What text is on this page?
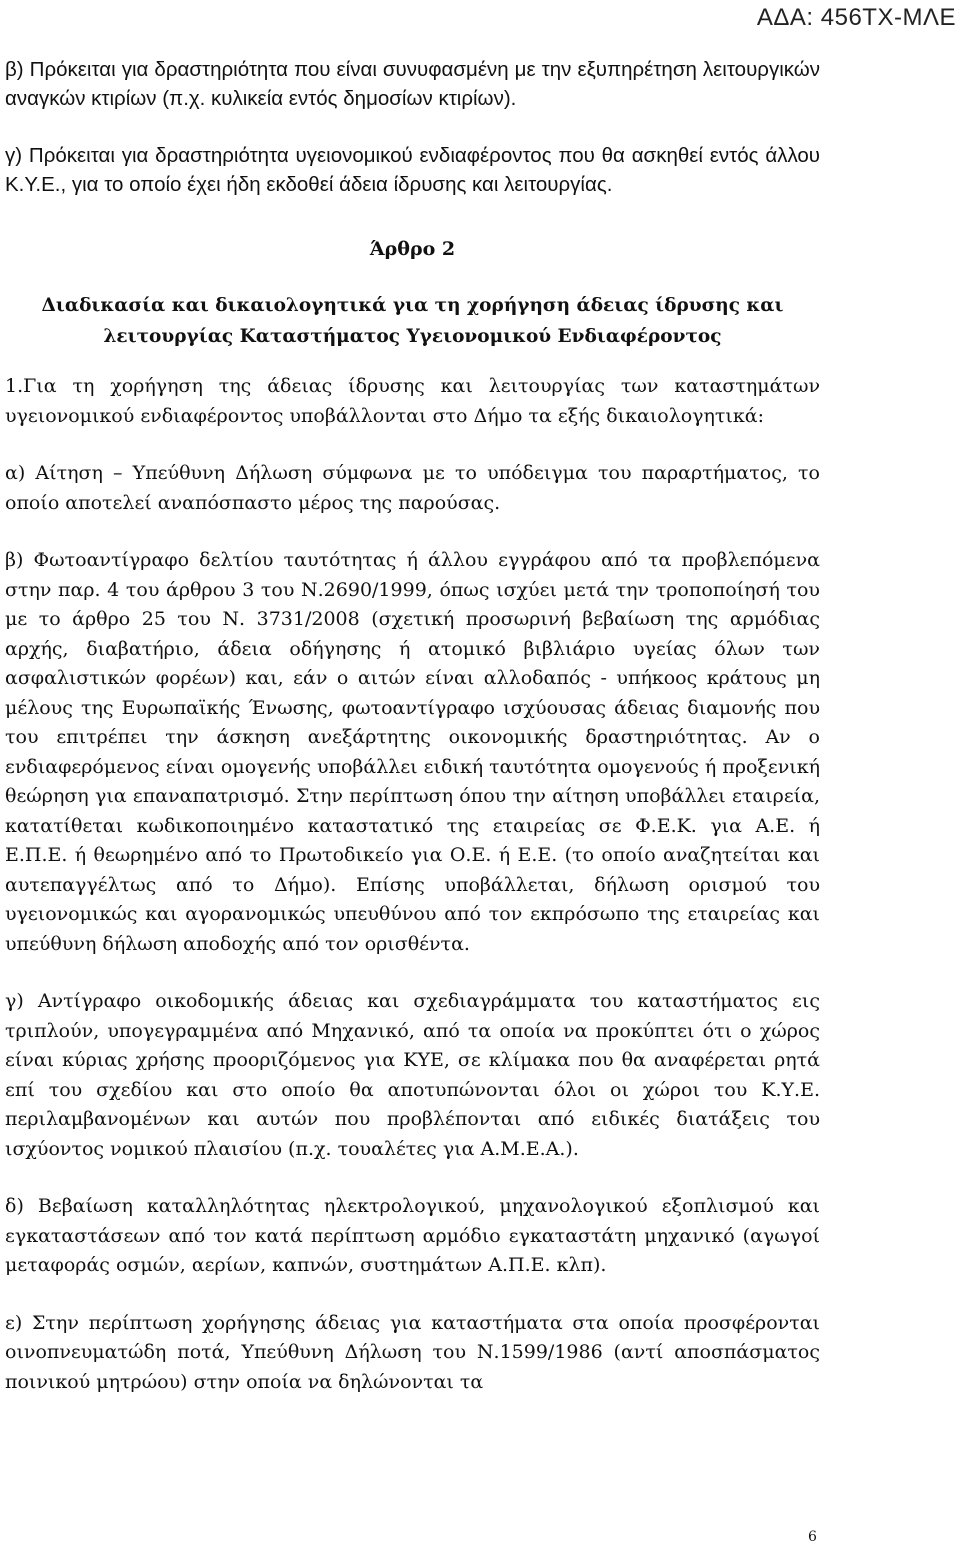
ΑΔΑ: 456ΤΧ-ΜΛΕ

β) Πρόκειται για δραστηριότητα που είναι συνυφασμένη με την εξυπηρέτηση λειτουργικών αναγκών κτιρίων (π.χ. κυλικεία εντός δημοσίων κτιρίων).

γ) Πρόκειται για δραστηριότητα υγειονομικού ενδιαφέροντος που θα ασκηθεί εντός άλλου Κ.Υ.Ε., για το οποίο έχει ήδη εκδοθεί άδεια ίδρυσης και λειτουργίας.

Άρθρο 2
Διαδικασία και δικαιολογητικά για τη χορήγηση άδειας ίδρυσης και λειτουργίας Καταστήματος Υγειονομικού Ενδιαφέροντος

1.Για τη χορήγηση της άδειας ίδρυσης και λειτουργίας των καταστημάτων υγειονομικού ενδιαφέροντος υποβάλλονται στο Δήμο τα εξής δικαιολογητικά:

α) Αίτηση – Υπεύθυνη Δήλωση σύμφωνα με το υπόδειγμα του παραρτήματος, το οποίο αποτελεί αναπόσπαστο μέρος της παρούσας.

β) Φωτοαντίγραφο δελτίου ταυτότητας ή άλλου εγγράφου από τα προβλεπόμενα στην παρ. 4 του άρθρου 3 του Ν.2690/1999, όπως ισχύει μετά την τροποποίησή του με το άρθρο 25 του Ν. 3731/2008 (σχετική προσωρινή βεβαίωση της αρμόδιας αρχής, διαβατήριο, άδεια οδήγησης ή ατομικό βιβλιάριο υγείας όλων των ασφαλιστικών φορέων) και, εάν ο αιτών είναι αλλοδαπός - υπήκοος κράτους μη μέλους της Ευρωπαϊκής Ένωσης, φωτοαντίγραφο ισχύουσας άδειας διαμονής που του επιτρέπει την άσκηση ανεξάρτητης οικονομικής δραστηριότητας. Αν ο ενδιαφερόμενος είναι ομογενής υποβάλλει ειδική ταυτότητα ομογενούς ή προξενική θεώρηση για επαναπατρισμό. Στην περίπτωση όπου την αίτηση υποβάλλει εταιρεία, κατατίθεται κωδικοποιημένο καταστατικό της εταιρείας σε Φ.Ε.Κ. για Α.Ε. ή Ε.Π.Ε. ή θεωρημένο από το Πρωτοδικείο για Ο.Ε. ή Ε.Ε. (το οποίο αναζητείται και αυτεπαγγέλτως από το Δήμο). Επίσης υποβάλλεται, δήλωση ορισμού του υγειονομικώς και αγορανομικώς υπευθύνου από τον εκπρόσωπο της εταιρείας και υπεύθυνη δήλωση αποδοχής από τον ορισθέντα.

γ) Αντίγραφο οικοδομικής άδειας και σχεδιαγράμματα του καταστήματος εις τριπλούν, υπογεγραμμένα από Μηχανικό, από τα οποία να προκύπτει ότι ο χώρος είναι κύριας χρήσης προοριζόμενος για ΚΥΕ, σε κλίμακα που θα αναφέρεται ρητά επί του σχεδίου και στο οποίο θα αποτυπώνονται όλοι οι χώροι του Κ.Υ.Ε. περιλαμβανομένων και αυτών που προβλέπονται από ειδικές διατάξεις του ισχύοντος νομικού πλαισίου (π.χ. τουαλέτες για Α.Μ.Ε.Α.).

δ) Βεβαίωση καταλληλότητας ηλεκτρολογικού, μηχανολογικού εξοπλισμού και εγκαταστάσεων από τον κατά περίπτωση αρμόδιο εγκαταστάτη μηχανικό (αγωγοί μεταφοράς οσμών, αερίων, καπνών, συστημάτων Α.Π.Ε. κλπ).

ε) Στην περίπτωση χορήγησης άδειας για καταστήματα στα οποία προσφέρονται οινοπνευματώδη ποτά, Υπεύθυνη Δήλωση του Ν.1599/1986 (αντί αποσπάσματος ποινικού μητρώου) στην οποία να δηλώνονται τα

6
